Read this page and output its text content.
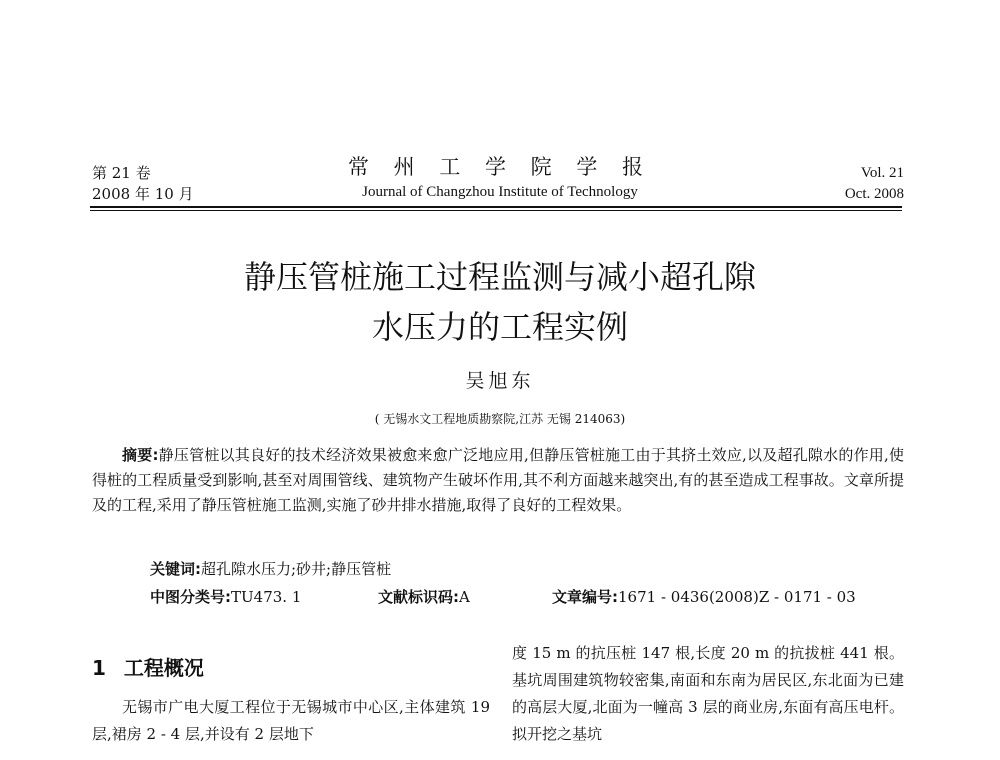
第 21 卷
2008 年 10 月
常 州 工 学 院 学 报
Journal of Changzhou Institute of Technology
Vol. 21
Oct. 2008
静压管桩施工过程监测与减小超孔隙
水压力的工程实例
吴旭东
( 无锡水文工程地质勘察院,江苏 无锡 214063)

摘要:静压管桩以其良好的技术经济效果被愈来愈广泛地应用,但静压管桩施工由于其挤土效应,以及超孔隙水的作用,使得桩的工程质量受到影响,甚至对周围管线、建筑物产生破坏作用,其不利方面越来越突出,有的甚至造成工程事故。文章所提及的工程,采用了静压管桩施工监测,实施了砂井排水措施,取得了良好的工程效果。

关键词:超孔隙水压力;砂井;静压管桩
中图分类号:TU473. 1	文献标识码:A	文章编号:1671 - 0436(2008)Z - 0171 - 03
1 工程概况

无锡市广电大厦工程位于无锡城市中心区,主体建筑 19 层,裙房 2 - 4 层,并设有 2 层地下

度 15 m 的抗压桩 147 根,长度 20 m 的抗拔桩 441 根。基坑周围建筑物较密集,南面和东南为居民区,东北面为已建的高层大厦,北面为一幢高 3 层的商业房,东面有高压电杆。拟开挖之基坑
